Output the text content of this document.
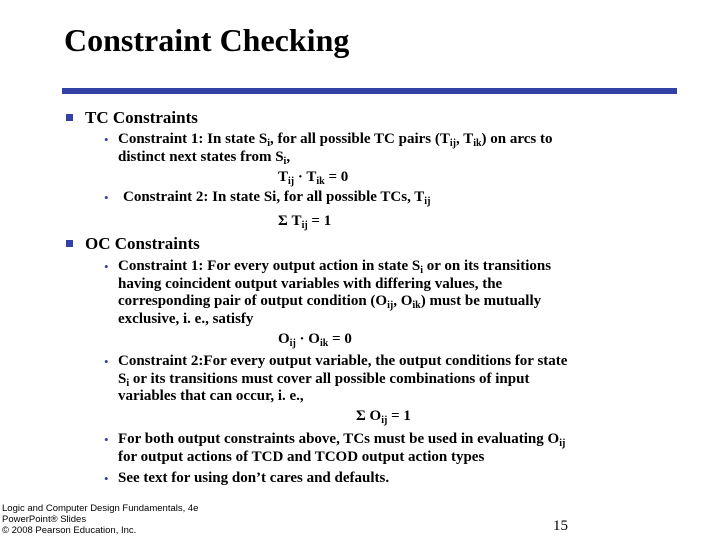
Constraint Checking
TC Constraints
• Constraint 1: In state $S_i$, for all possible TC pairs ($T_{ij}$, $T_{ik}$) on arcs to
distinct next states from $S_i$,
$T_{ij} \cdot T_{ik} = 0$
• Constraint 2: In state Si, for all possible TCs, $T_{ij}$
Σ $T_{ij} = 1$
OC Constraints
• Constraint 1: For every output action in state $S_i$ or on its transitions
having coincident output variables with differing values, the
corresponding pair of output condition ($O_{ij}$, $O_{ik}$) must be mutually
exclusive, i. e., satisfy
$O_{ij} \cdot O_{ik} = 0$
• Constraint 2:For every output variable, the output conditions for state
$S_i$ or its transitions must cover all possible combinations of input
variables that can occur, i. e.,
Σ $O_{ij} = 1$
• For both output constraints above, TCs must be used in evaluating $O_{ij}$
for output actions of TCD and TCOD output action types
• See text for using don’t cares and defaults.
Logic and Computer Design Fundamentals, 4e
PowerPoint® Slides
© 2008 Pearson Education, Inc.	15
